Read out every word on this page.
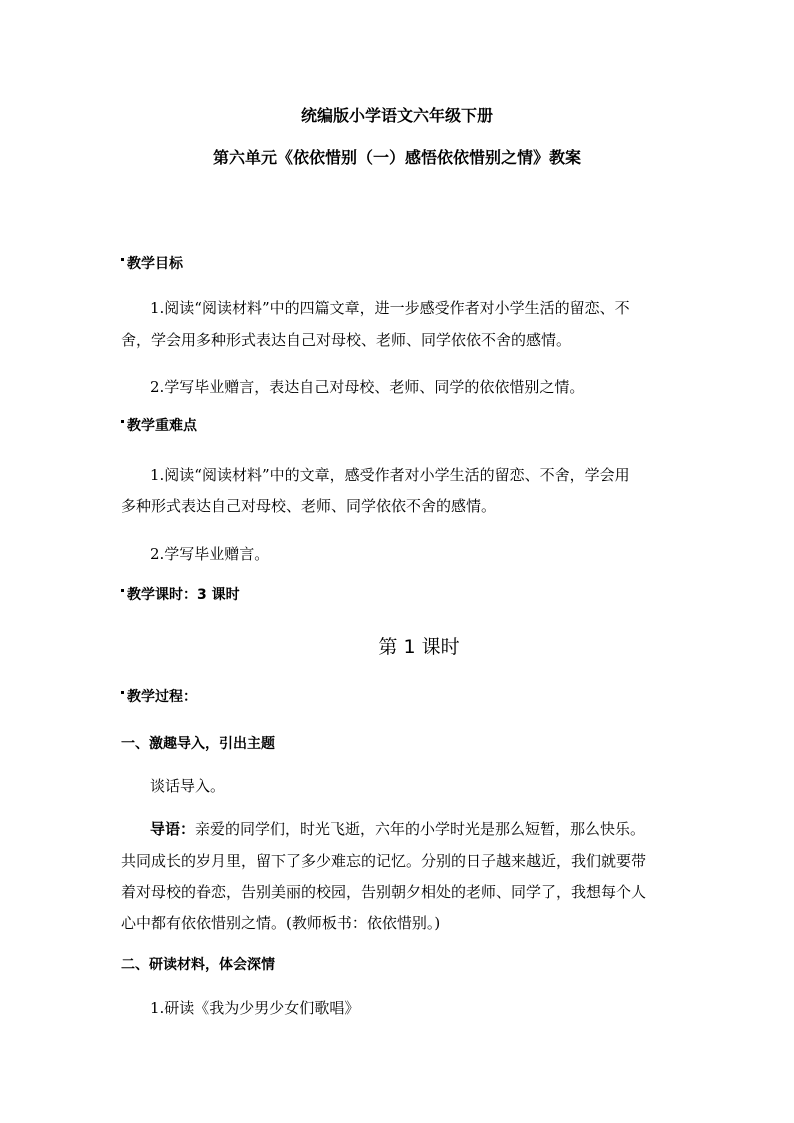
统编版小学语文六年级下册
第六单元《依依惜别（一）感悟依依惜别之情》教案
教学目标
1.阅读“阅读材料”中的四篇文章，进一步感受作者对小学生活的留恋、不
舍，学会用多种形式表达自己对母校、老师、同学依依不舍的感情。
2.学写毕业赠言，表达自己对母校、老师、同学的依依惜别之情。
教学重难点
1.阅读“阅读材料”中的文章，感受作者对小学生活的留恋、不舍，学会用
多种形式表达自己对母校、老师、同学依依不舍的感情。
2.学写毕业赠言。
教学课时：3 课时
第 1 课时
教学过程：
一、激趣导入，引出主题
谈话导入。
导语：亲爱的同学们，时光飞逝，六年的小学时光是那么短暂，那么快乐。
共同成长的岁月里，留下了多少难忘的记忆。分别的日子越来越近，我们就要带
着对母校的眷恋，告别美丽的校园，告别朝夕相处的老师、同学了，我想每个人
心中都有依依惜别之情。(教师板书：依依惜别。)
二、研读材料，体会深情
1.研读《我为少男少女们歌唱》
